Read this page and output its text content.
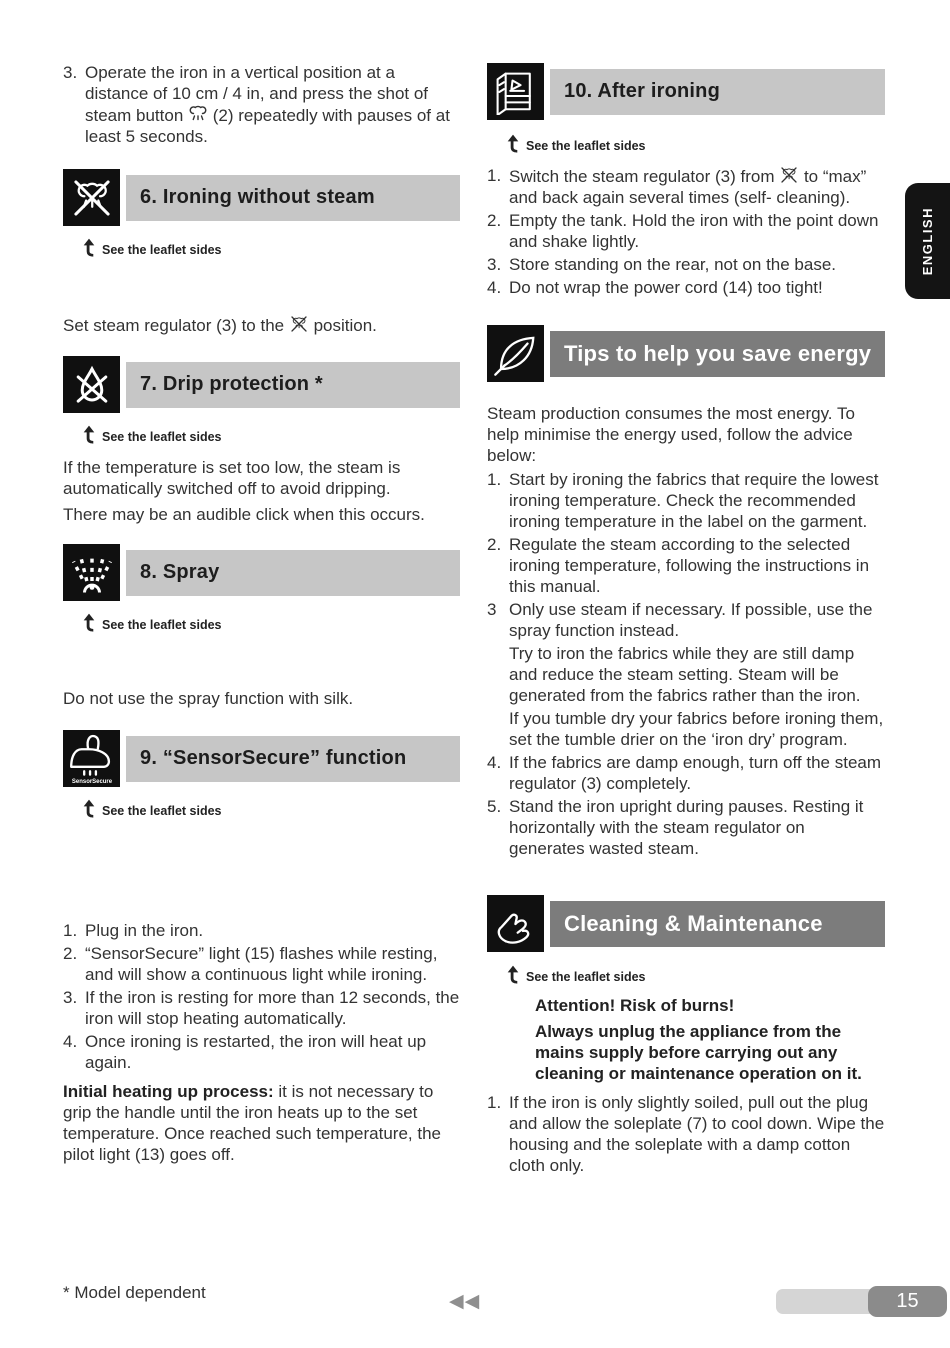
3. Operate the iron in a vertical position at a distance of 10 cm / 4 in, and press the shot of steam button  (2) repeatedly with pauses of at least 5 seconds.
6. Ironing without steam
See the leaflet sides

Set steam regulator (3) to the  position.

7. Drip protection *
See the leaflet sides

If the temperature is set too low, the steam is automatically switched off to avoid dripping.

There may be an audible click when this occurs.

8. Spray
See the leaflet sides

Do not use the spray function with silk.

9. “SensorSecure” function
See the leaflet sides
1. Plug in the iron.
2. “SensorSecure” light (15) flashes while resting, and will show a continuous light while ironing.
3. If the iron is resting for more than 12 seconds, the iron will stop heating automatically.
4. Once ironing is restarted, the iron will heat up again.

Initial heating up process: it is not necessary to grip the handle until the iron heats up to the set temperature. Once reached such temperature, the pilot light (13) goes off.

10. After ironing
See the leaflet sides
1. Switch the steam regulator (3) from  to “max” and back again several times (self- cleaning).
2. Empty the tank. Hold the iron with the point down and shake lightly.
3. Store standing on the rear, not on the base.
4. Do not wrap the power cord (14) too tight!
Tips to help you save energy

Steam production consumes the most energy. To help minimise the energy used, follow the advice below:

1. Start by ironing the fabrics that require the lowest ironing temperature. Check the recommended ironing temperature in the label on the garment.
2. Regulate the steam according to the selected ironing temperature, following the instructions in this manual.
3 Only use steam if necessary. If possible, use the spray function instead.
Try to iron the fabrics while they are still damp and reduce the steam setting. Steam will be generated from the fabrics rather than the iron.
If you tumble dry your fabrics before ironing them, set the tumble drier on the ‘iron dry’ program.
4. If the fabrics are damp enough, turn off the steam regulator (3) completely.
5. Stand the iron upright during pauses. Resting it horizontally with the steam regulator on generates wasted steam.
Cleaning & Maintenance
See the leaflet sides

Attention! Risk of burns!

Always unplug the appliance from the mains supply before carrying out any cleaning or maintenance operation on it.

1. If the iron is only slightly soiled, pull out the plug and allow the soleplate (7) to cool down. Wipe the housing and the soleplate with a damp cotton cloth only.
ENGLISH
* Model dependent	◀◀	15
